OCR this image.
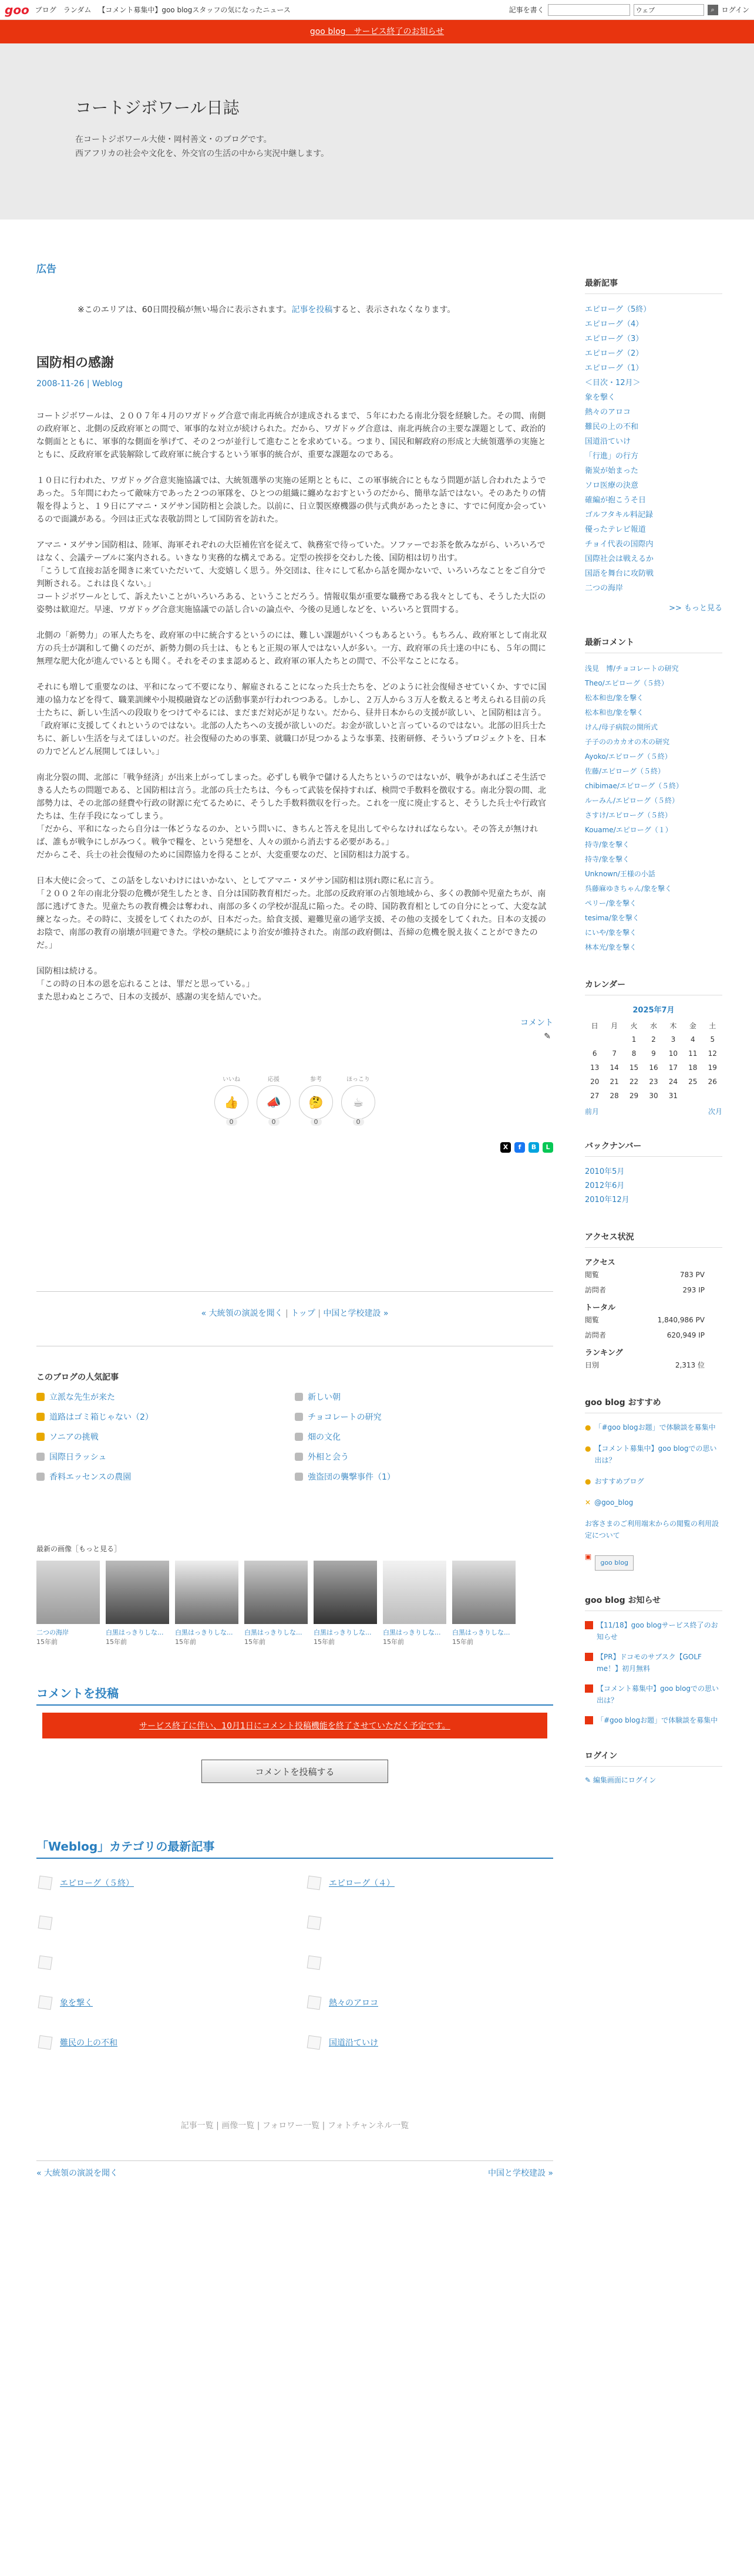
goo ブログ ランダム 【コメント募集中】goo blogスタッフの気になったニュース	記事を書く	ウェブ	⌕ ログイン
goo blog　サービス終了のお知らせ
コートジボワール日誌

在コートジボワール大使・岡村善文・のブログです。

西アフリカの社会や文化を、外交官の生活の中から実況中継します。

広告
※このエリアは、60日間投稿が無い場合に表示されます。記事を投稿すると、表示されなくなります。
国防相の感謝
2008-11-26 | Weblog

コートジボワールは、２００７年４月のワガドゥグ合意で南北再統合が達成されるまで、５年にわたる南北分裂を経験した。その間、南側の政府軍と、北側の反政府軍との間で、軍事的な対立が続けられた。だから、ワガドゥグ合意は、南北再統合の主要な課題として、政治的な側面とともに、軍事的な側面を挙げて、その２つが並行して進むことを求めている。つまり、国民和解政府の形成と大統領選挙の実施とともに、反政府軍を武装解除して政府軍に統合するという軍事的統合が、重要な課題なのである。

１０日に行われた、ワガドゥグ合意実施協議では、大統領選挙の実施の延期とともに、この軍事統合にともなう問題が話し合われたようであった。５年間にわたって敵味方であった２つの軍隊を、ひとつの組織に纏めなおすというのだから、簡単な話ではない。そのあたりの情報を得ようと、１９日にアマニ・ヌゲサン国防相と会談した。以前に、日立製医療機器の供与式典があったときに、すでに何度か会っているので面識がある。今回は正式な表敬訪問として国防省を訪れた。

アマニ・ヌゲサン国防相は、陸軍、海軍それぞれの大臣補佐官を従えて、執務室で待っていた。ソファーでお茶を飲みながら、いろいろではなく、会議テーブルに案内される。いきなり実務的な構えである。定型の挨拶を交わした後、国防相は切り出す。
「こうして直接お話を聞きに来ていただいて、大変嬉しく思う。外交団は、往々にして私から話を聞かないで、いろいろなことをご自分で判断される。これは良くない。」
コートジボワールとして、訴えたいことがいろいろある、ということだろう。情報収集が重要な職務である我々としても、そうした大臣の姿勢は歓迎だ。早速、ワガドゥグ合意実施協議での話し合いの論点や、今後の見通しなどを、いろいろと質問する。

北側の「新勢力」の軍人たちを、政府軍の中に統合するというのには、難しい課題がいくつもあるという。もちろん、政府軍として南北双方の兵士が調和して働くのだが、新勢力側の兵士は、もともと正規の軍人ではない人が多い。一方、政府軍の兵士達の中にも、５年の間に無理な肥大化が進んでいるとも聞く。それをそのまま認めると、政府軍の軍人たちとの間で、不公平なことになる。

それにも増して重要なのは、平和になって不要になり、解雇されることになった兵士たちを、どのように社会復帰させていくか、すでに国連の協力などを得て、職業訓練や小規模融資などの活動事業が行われつつある。しかし、２万人から３万人を数えると考えられる目前の兵士たちに、新しい生活への段取りをつけてやるには、まだまだ対応が足りない。だから、昼井日本からの支援が欲しい、と国防相は言う。
「政府軍に支援してくれというのではない。北部の人たちへの支援が欲しいのだ。お金が欲しいと言っているのではない。北部の旧兵士たちに、新しい生活を与えてほしいのだ。社会復帰のための事業、就職口が見つかるような事業、技術研修、そういうプロジェクトを、日本の力でどんどん展開してほしい。」

南北分裂の間、北部に「戦争経済」が出来上がってしまった。必ずしも戦争で儲ける人たちというのではないが、戦争があればこそ生活できる人たちの問題である、と国防相は言う。北部の兵士たちは、今もって武装を保持すれば、検問で手数料を徴収する。南北分裂の間、北部勢力は、その北部の経費や行政の財源に充てるために、そうした手数料徴収を行った。これを一度に廃止すると、そうした兵士や行政官たちは、生存手段になってしまう。
「だから、平和になったら自分は一体どうなるのか、という問いに、きちんと答えを見出してやらなければならない。その答えが無ければ、誰もが戦争にしがみつく。戦争で糧を、という発想を、人々の頭から消去する必要がある。」
だからこそ、兵士の社会復帰のために国際協力を得ることが、大変重要なのだ、と国防相は力説する。

日本大使に会って、この話をしないわけにはいかない、としてアマニ・ヌゲサン国防相は別れ際に私に言う。
「２００２年の南北分裂の危機が発生したとき、自分は国防教育相だった。北部の反政府軍の占領地域から、多くの教師や児童たちが、南部に逃げてきた。児童たちの教育機会は奪われ、南部の多くの学校が混乱に陥った。その時、国防教育相としての自分にとって、大変な試練となった。その時に、支援をしてくれたのが、日本だった。給食支援、避難児童の通学支援、その他の支援をしてくれた。日本の支援のお陰で、南部の教育の崩壊が回避できた。学校の継続により治安が維持された。南部の政府側は、吾締の危機を脱え抜くことができたのだ。」

国防相は続ける。
「この時の日本の恩を忘れることは、罪だと思っている。」
また思わぬところで、日本の支援が、感謝の実を結んでいた。

コメント
✎
いいね
👍
0
応援
📣
0
参考
🤔
0
ほっこり
☕
0
X	f	B	L
« 大統領の演説を聞く | トップ | 中国と学校建設 »
このブログの人気記事
立派な先生が来た	新しい朝
道路はゴミ箱じゃない（2）	チョコレートの研究
ソニアの挑戦	畑の文化
国際日ラッシュ	外相と会う
香料エッセンスの農園	強盗団の襲撃事件（1）
最新の画像［もっと見る］
二つの海岸
15年前
白黒はっきりしな...
15年前
白黒はっきりしな...
15年前
白黒はっきりしな...
15年前
白黒はっきりしな...
15年前
白黒はっきりしな...
15年前
白黒はっきりしな...
15年前
コメントを投稿
サービス終了に伴い、10月1日にコメント投稿機能を終了させていただく予定です。
コメントを投稿する
「Weblog」カテゴリの最新記事
エピローグ（５終）	エピローグ（４）
象を撃く	熱々のアロコ
難民の上の不和	国道沿ていけ
記事一覧 | 画像一覧 | フォロワー一覧 | フォトチャンネル一覧
« 大統領の演説を聞く	中国と学校建設 »
最新記事
エピローグ（5終）
エピローグ（4）
エピローグ（3）
エピローグ（2）
エピローグ（1）
＜目次・12月＞
象を撃く
熱々のアロコ
難民の上の不和
国道沿ていけ
「行進」の行方
衛炭が始まった
ソロ医療の決意
確編が抱こうそ日
ゴルフタキル料記録
優ったテレビ報道
チョイ代表の国際内
国際社会は戦えるか
国語を舞台に攻防戦
二つの海岸
>> もっと見る
最新コメント
浅見　博/チョコレートの研究
Theo/エピローグ（５終）
松本和也/象を撃く
松本和也/象を撃く
けん/母子病院の開所式
子子ののカカオの木の研究
Ayoko/エピローグ（５終）
佐藤/エピローグ（５終）
chibimae/エピローグ（５終）
ルーみん/エピローグ（５終）
さすけ/エピローグ（５終）
Kouame/エピローグ（１）
持寺/象を撃く
持寺/象を撃く
Unknown/王様の小話
呉藤麻ゆきちゃん/象を撃く
ペリー/象を撃く
tesima/象を撃く
にいや/象を撃く
林本光/象を撃く
カレンダー
2025年7月
日	月	火	水	木	金	土
		1	2	3	4	5
6	7	8	9	10	11	12
13	14	15	16	17	18	19
20	21	22	23	24	25	26
27	28	29	30	31		
前月	次月
バックナンバー
2010年5月
2012年6月
2010年12月
アクセス状況
アクセス
閲覧	783 PV
訪問者	293 IP
トータル
閲覧	1,840,986 PV
訪問者	620,949 IP
ランキング
日別	2,313 位
goo blog おすすめ
● 「#goo blogお題」で体験談を募集中
● 【コメント募集中】goo blogでの思い出は？
● おすすめブログ
✕ @goo_blog
お客さまのご利用端末からの閲覧の利用設定について
▣
goo blog
goo blog お知らせ
【11/18】goo blogサービス終了のお知らせ
【PR】ドコモのサブスク【GOLF me！】初月無料
【コメント募集中】goo blogでの思い出は？
「#goo blogお題」で体験談を募集中
ログイン
✎ 編集画面にログイン
